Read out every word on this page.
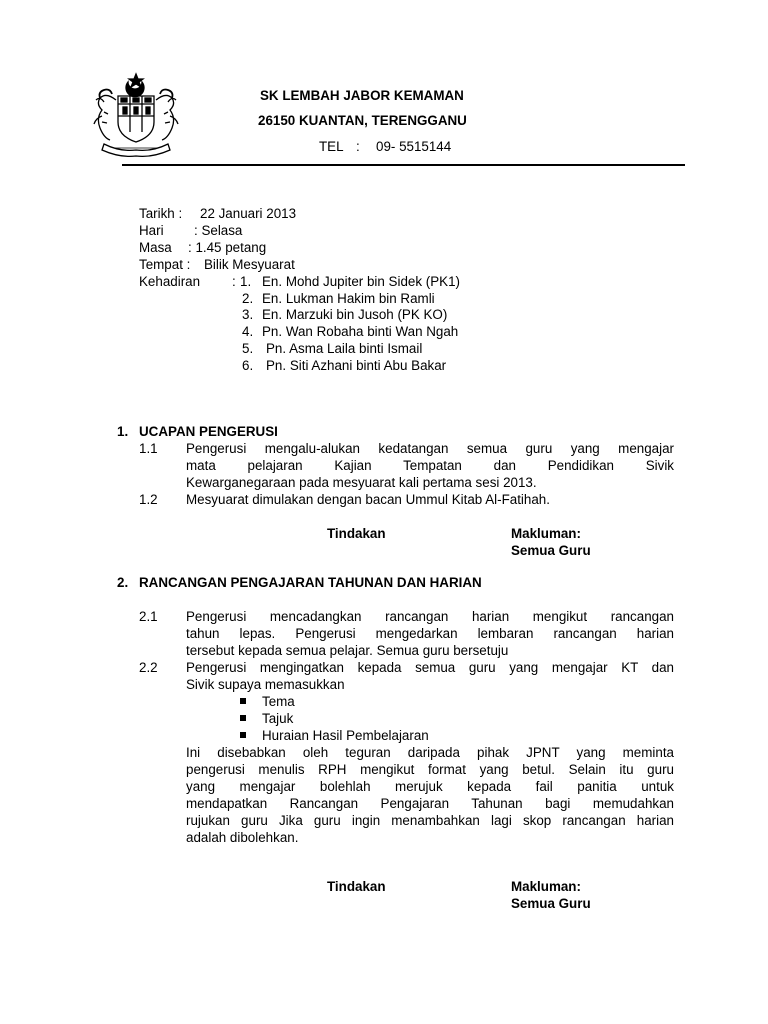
SK LEMBAH JABOR KEMAMAN
26150 KUANTAN, TERENGGANU
TEL : 09- 5515144
Tarikh : 22 Januari 2013
Hari : Selasa
Masa : 1.45 petang
Tempat : Bilik Mesyuarat
Kehadiran : 1. En. Mohd Jupiter bin Sidek (PK1)
2. En. Lukman Hakim bin Ramli
3. En. Marzuki bin Jusoh (PK KO)
4. Pn. Wan Robaha binti Wan Ngah
5. Pn. Asma Laila binti Ismail
6. Pn. Siti Azhani binti Abu Bakar
1. UCAPAN PENGERUSI
1.1 Pengerusi mengalu-alukan kedatangan semua guru yang mengajar
mata pelajaran Kajian Tempatan dan Pendidikan Sivik
Kewarganegaraan pada mesyuarat kali pertama sesi 2013.
1.2 Mesyuarat dimulakan dengan bacan Ummul Kitab Al-Fatihah.
Tindakan	Makluman:
Semua Guru
2. RANCANGAN PENGAJARAN TAHUNAN DAN HARIAN
2.1 Pengerusi mencadangkan rancangan harian mengikut rancangan
tahun lepas. Pengerusi mengedarkan lembaran rancangan harian
tersebut kepada semua pelajar. Semua guru bersetuju
2.2 Pengerusi mengingatkan kepada semua guru yang mengajar KT dan
Sivik supaya memasukkan
Tema
Tajuk
Huraian Hasil Pembelajaran
Ini disebabkan oleh teguran daripada pihak JPNT yang meminta
pengerusi menulis RPH mengikut format yang betul. Selain itu guru
yang mengajar bolehlah merujuk kepada fail panitia untuk
mendapatkan Rancangan Pengajaran Tahunan bagi memudahkan
rujukan guru Jika guru ingin menambahkan lagi skop rancangan harian
adalah dibolehkan.
Tindakan	Makluman:
Semua Guru
